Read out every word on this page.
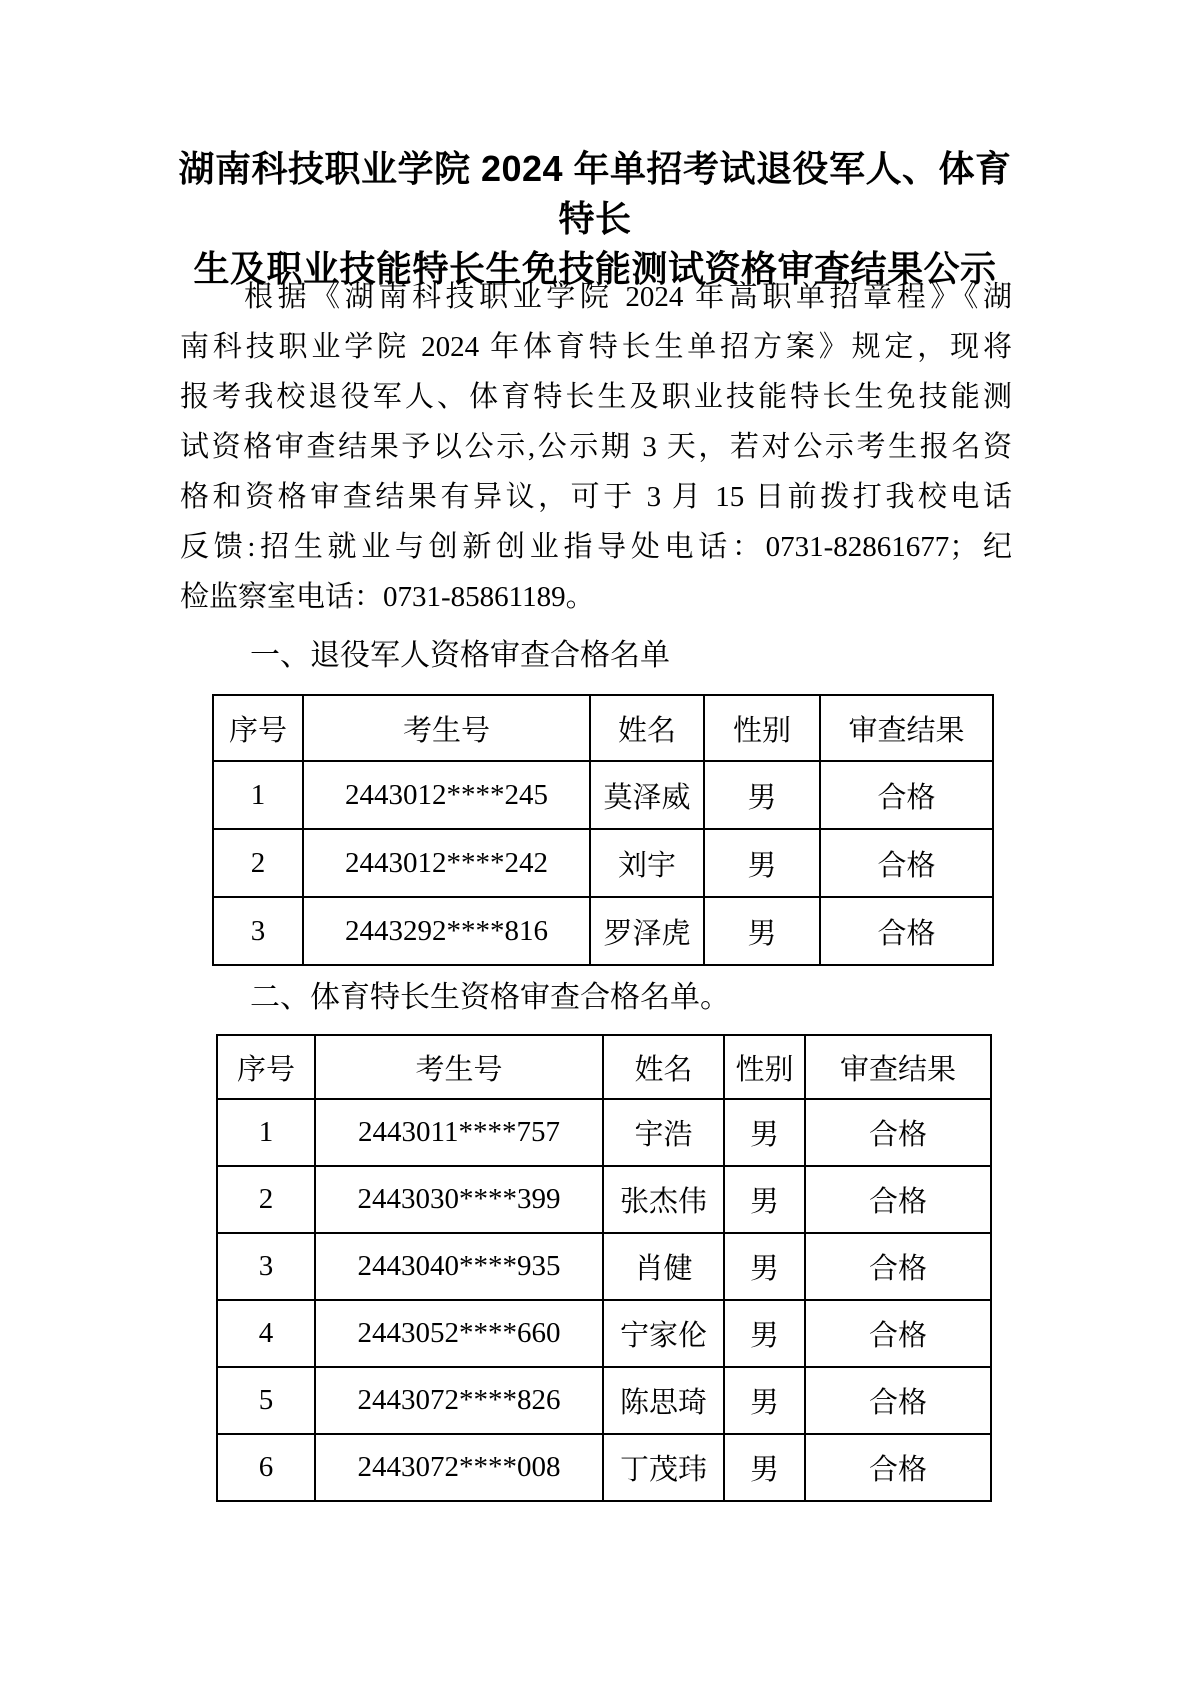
湖南科技职业学院 2024 年单招考试退役军人、体育特长
生及职业技能特长生免技能测试资格审查结果公示
根据《湖南科技职业学院 2024 年高职单招章程》《湖
南科技职业学院 2024 年体育特长生单招方案》规定，现将
报考我校退役军人、体育特长生及职业技能特长生免技能测
试资格审查结果予以公示,公示期 3 天，若对公示考生报名资
格和资格审查结果有异议，可于 3 月 15 日前拨打我校电话
反馈:招生就业与创新创业指导处电话：0731-82861677；纪
检监察室电话：0731-85861189。
一、退役军人资格审查合格名单
序号	考生号	姓名	性别	审查结果
1	2443012****245	莫泽威	男	合格
2	2443012****242	刘宇	男	合格
3	2443292****816	罗泽虎	男	合格
二、体育特长生资格审查合格名单。
序号	考生号	姓名	性别	审查结果
1	2443011****757	宇浩	男	合格
2	2443030****399	张杰伟	男	合格
3	2443040****935	肖健	男	合格
4	2443052****660	宁家伦	男	合格
5	2443072****826	陈思琦	男	合格
6	2443072****008	丁茂玮	男	合格
